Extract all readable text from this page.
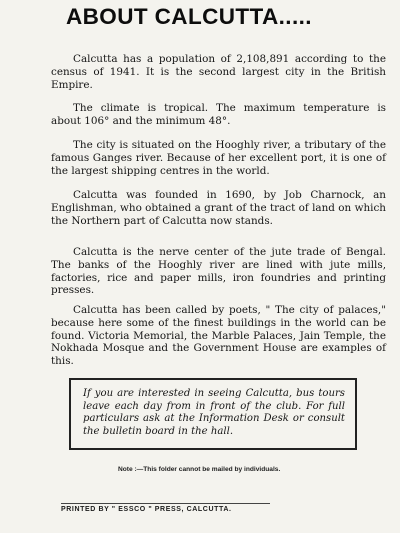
ABOUT CALCUTTA.....

Calcutta has a population of 2,108,891 according to the census of 1941. It is the second largest city in the British Empire.

The climate is tropical. The maximum temperature is about 106° and the minimum 48°.

The city is situated on the Hooghly river, a tributary of the famous Ganges river. Because of her excellent port, it is one of the largest shipping centres in the world.

Calcutta was founded in 1690, by Job Charnock, an Englishman, who obtained a grant of the tract of land on which the Northern part of Calcutta now stands.

Calcutta is the nerve center of the jute trade of Bengal. The banks of the Hooghly river are lined with jute mills, factories, rice and paper mills, iron foundries and printing presses.

Calcutta has been called by poets, " The city of palaces," because here some of the finest buildings in the world can be found. Victoria Memorial, the Marble Palaces, Jain Temple, the Nokhada Mosque and the Government House are examples of this.

If you are interested in seeing Calcutta, bus tours leave each day from in front of the club. For full particulars ask at the Information Desk or consult the bulletin board in the hall.
Note :—This folder cannot be mailed by individuals.
PRINTED BY " ESSCO " PRESS, CALCUTTA.
